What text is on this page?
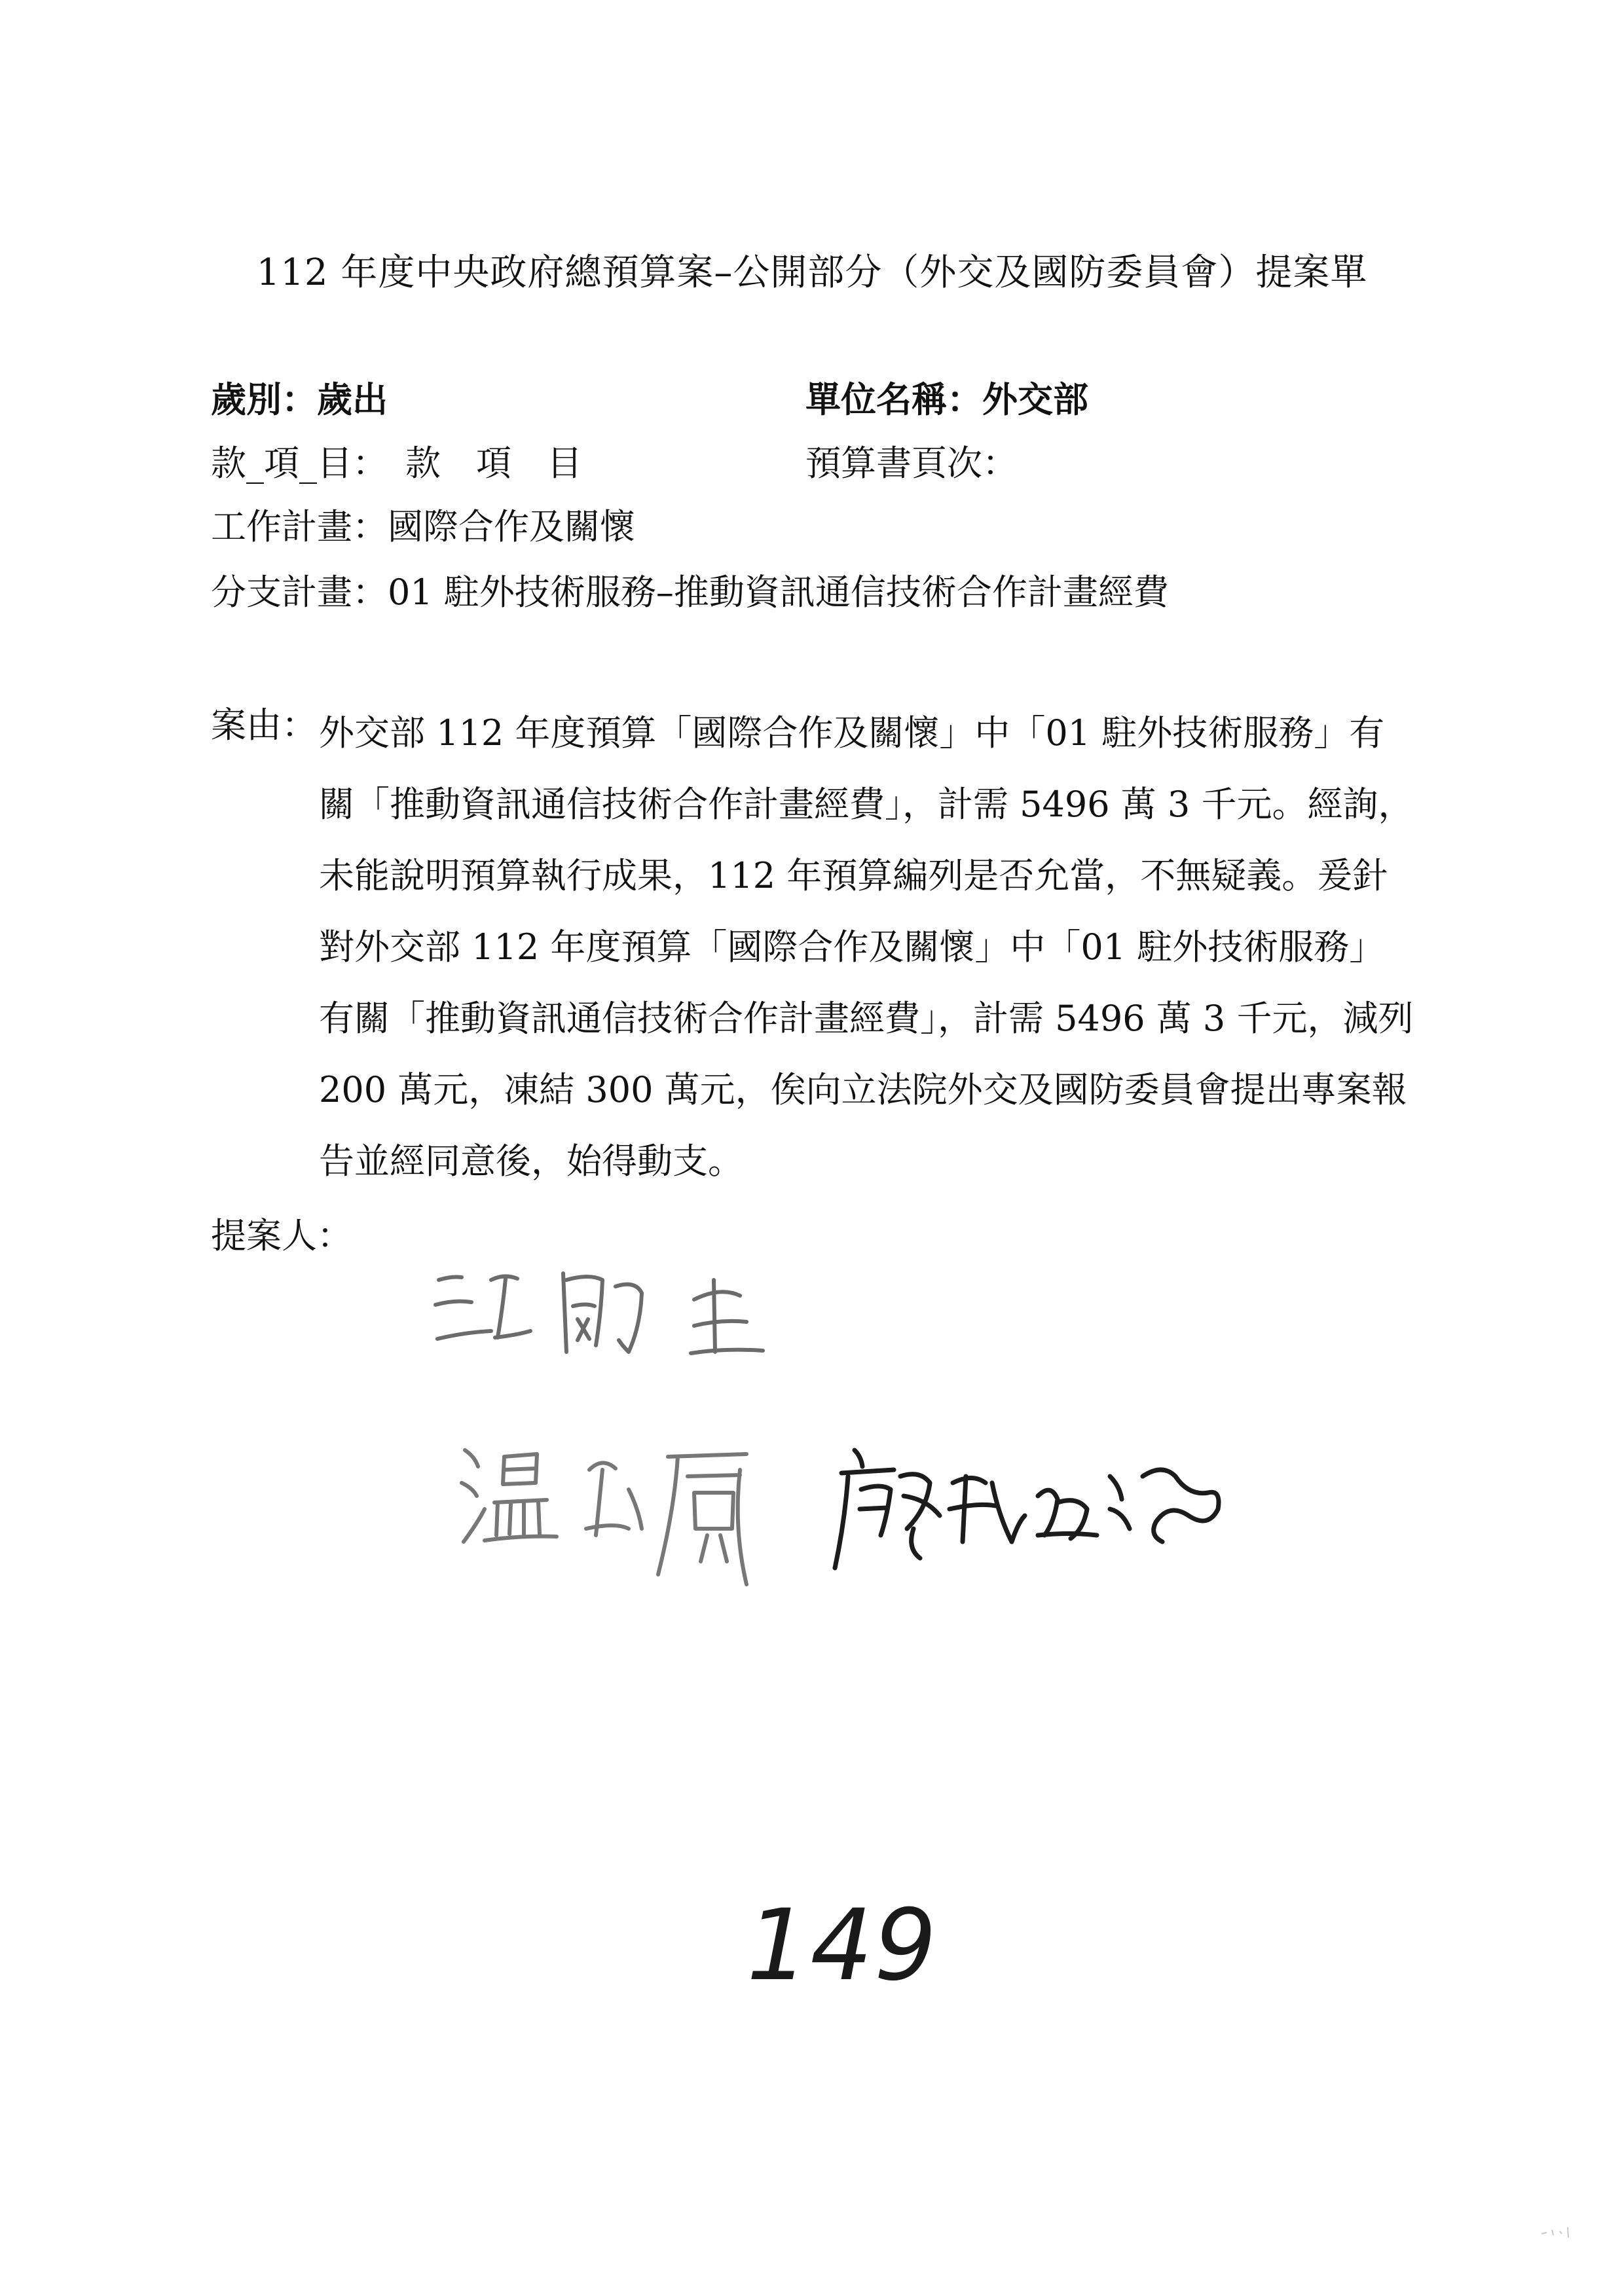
112 年度中央政府總預算案–公開部分（外交及國防委員會）提案單
歲別：歲出	單位名稱：外交部
款_項_目：　款　項　目	預算書頁次：
工作計畫：國際合作及關懷
分支計畫：01 駐外技術服務–推動資訊通信技術合作計畫經費
案由： 外交部 112 年度預算「國際合作及關懷」中「01 駐外技術服務」有
關「推動資訊通信技術合作計畫經費」，計需 5496 萬 3 千元。經詢，
未能說明預算執行成果，112 年預算編列是否允當，不無疑義。爰針
對外交部 112 年度預算「國際合作及關懷」中「01 駐外技術服務」
有關「推動資訊通信技術合作計畫經費」，計需 5496 萬 3 千元，減列
200 萬元，凍結 300 萬元，俟向立法院外交及國防委員會提出專案報
告並經同意後，始得動支。
提案人：
149
